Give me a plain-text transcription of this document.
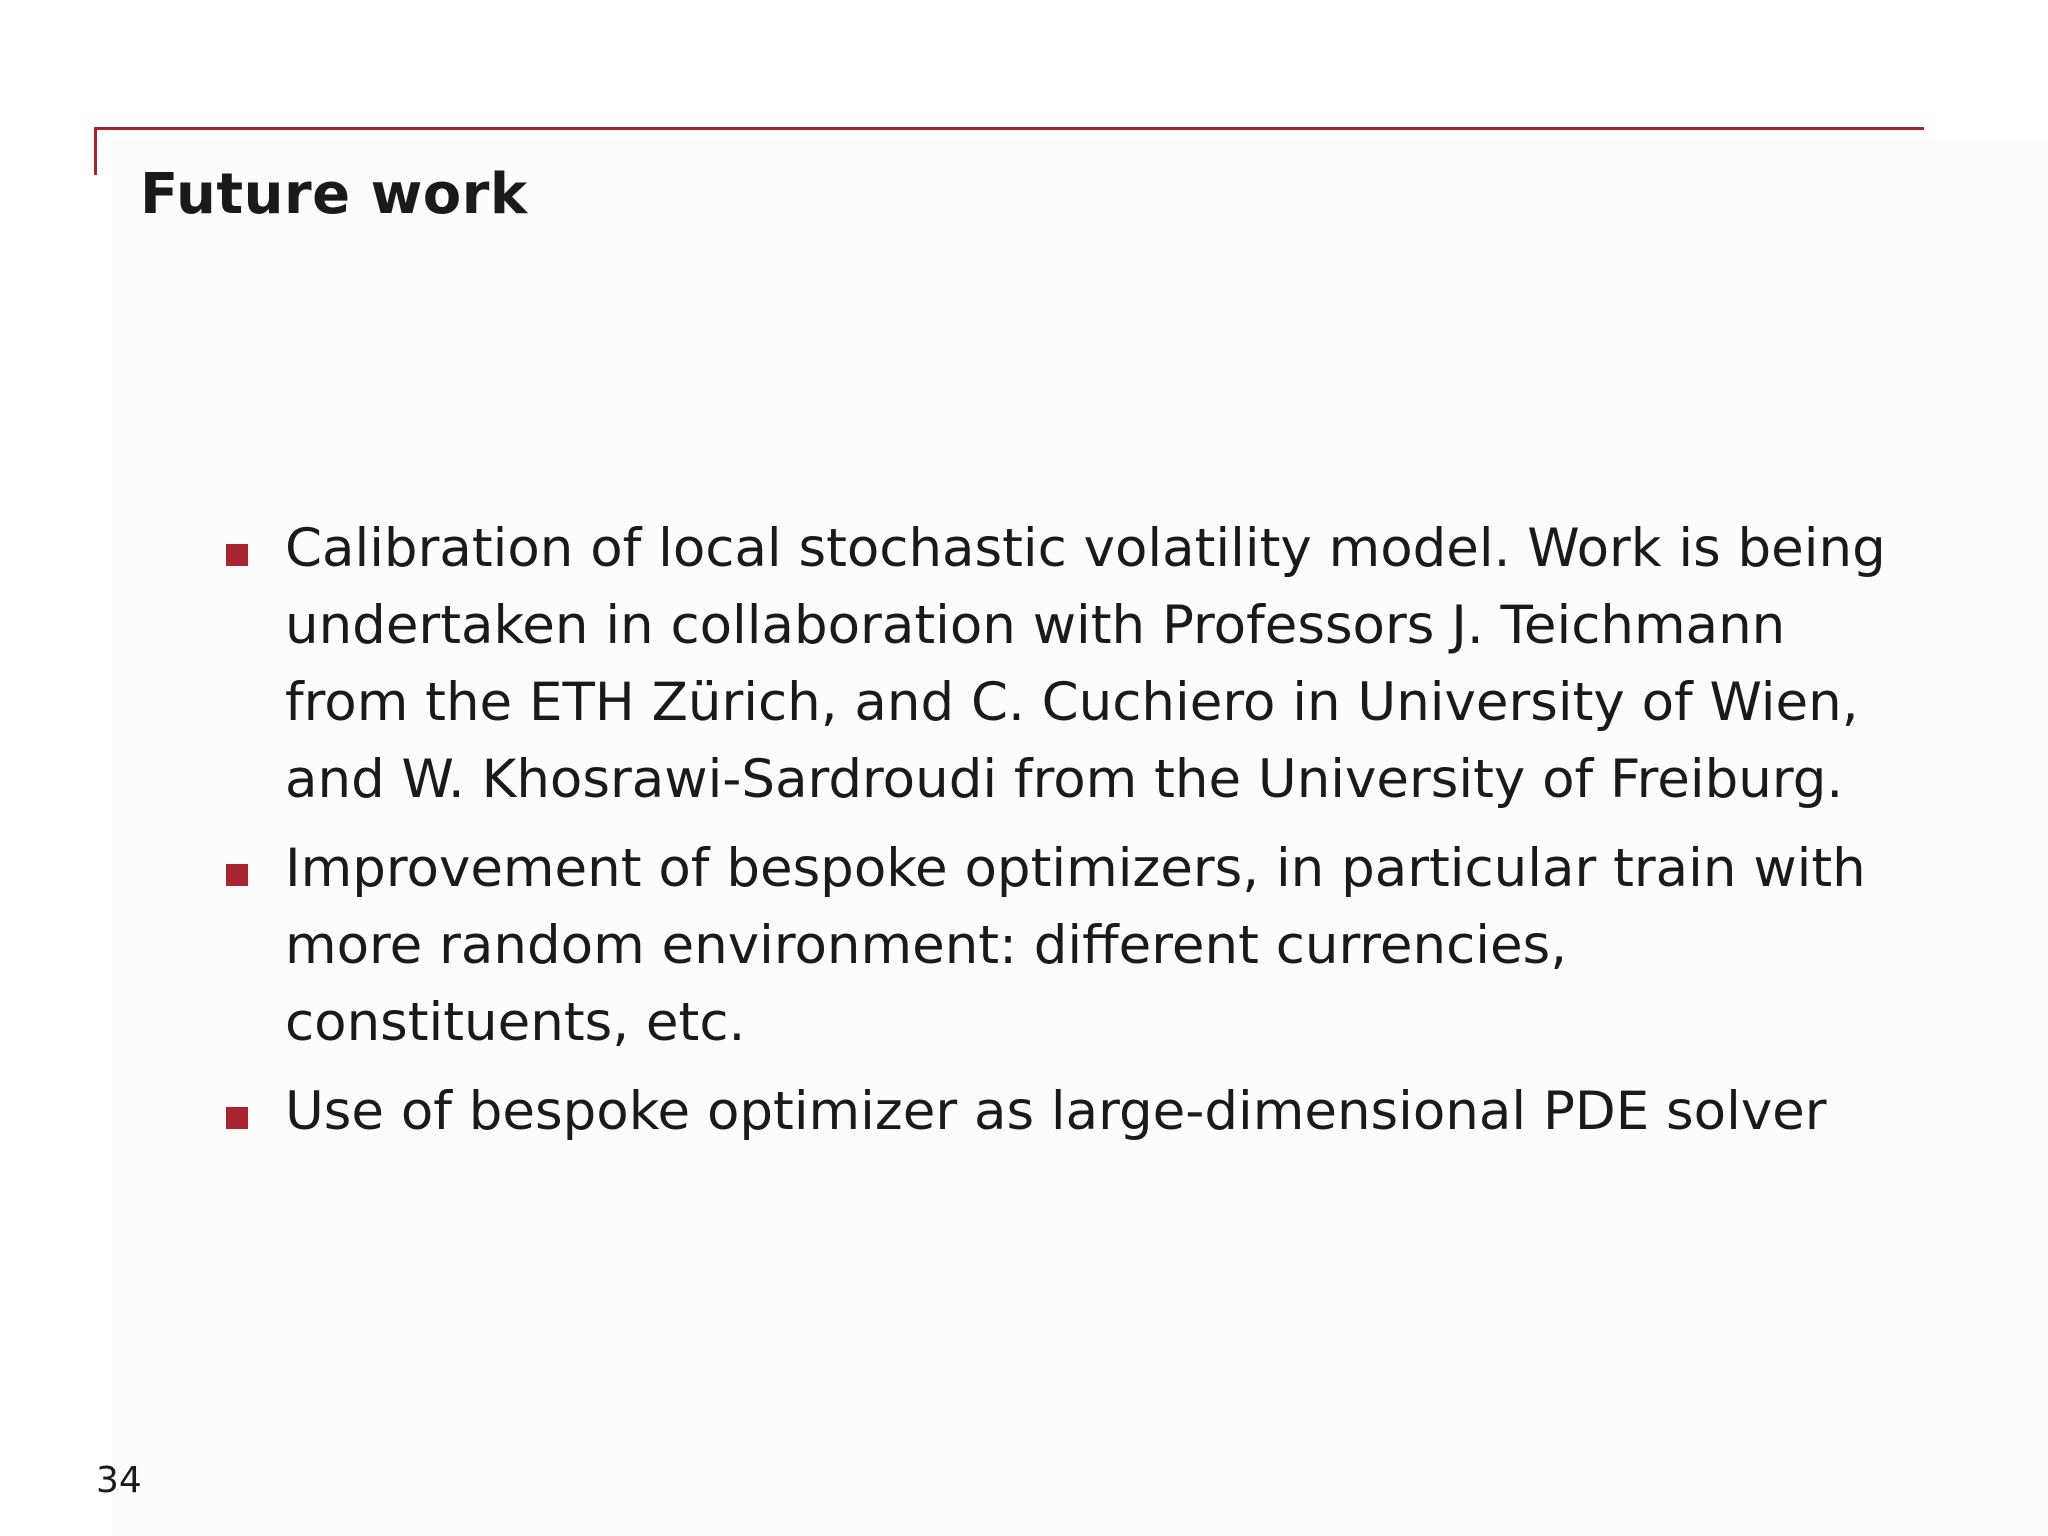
Future work
Calibration of local stochastic volatility model. Work is being undertaken in collaboration with Professors J. Teichmann from the ETH Zürich, and C. Cuchiero in University of Wien, and W. Khosrawi-Sardroudi from the University of Freiburg.
Improvement of bespoke optimizers, in particular train with more random environment: different currencies, constituents, etc.
Use of bespoke optimizer as large-dimensional PDE solver
34
